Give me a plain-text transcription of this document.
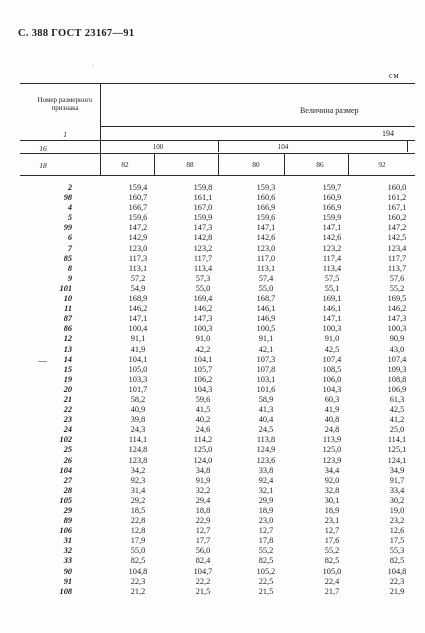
С. 388 ГОСТ 23167—91
·
см
Номер размерного признака	Величина размер
1	194
16	100	104
18	82	88	80	86	92
—
2	159,4	159,8	159,3	159,7	160,0
98	160,7	161,1	160,6	160,9	161,2
4	166,7	167,0	166,9	166,9	167,1
5	159,6	159,9	159,6	159,9	160,2
99	147,2	147,3	147,1	147,1	147,2
6	142,9	142,8	142,6	142,6	142,5
7	123,0	123,2	123,0	123,2	123,4
85	117,3	117,7	117,0	117,4	117,7
8	113,1	113,4	113,1	113,4	113,7
9	57,2	57,3	57,4	57,5	57,6
101	54,9	55,0	55,0	55,1	55,2
10	168,9	169,4	168,7	169,1	169,5
11	146,2	146,2	146,1	146,1	146,2
87	147,1	147,3	146,9	147,1	147,3
86	100,4	100,3	100,5	100,3	100,3
12	91,1	91,0	91,1	91,0	90,9
13	41,9	42,2	42,1	42,5	43,0
14	104,1	104,1	107,3	107,4	107,4
15	105,0	105,7	107,8	108,5	109,3
19	103,3	106,2	103,1	106,0	108,8
20	101,7	104,3	101,6	104,3	106,9
21	58,2	59,6	58,9	60,3	61,3
22	40,9	41,5	41,3	41,9	42,5
23	39,8	40,2	40,4	40,8	41,2
24	24,3	24,6	24,5	24,8	25,0
102	114,1	114,2	113,8	113,9	114,1
25	124,8	125,0	124,9	125,0	125,1
26	123,8	124,0	123,6	123,9	124,1
104	34,2	34,8	33,8	34,4	34,9
27	92,3	91,9	92,4	92,0	91,7
28	31,4	32,2	32,1	32,8	33,4
105	29,2	29,4	29,9	30,1	30,2
29	18,5	18,8	18,9	18,9	19,0
89	22,8	22,9	23,0	23,1	23,2
106	12,8	12,7	12,7	12,7	12,6
31	17,9	17,7	17,8	17,6	17,5
32	55,0	56,0	55,2	55,2	55,3
33	82,5	82,4	82,5	82,5	82,5
90	104,8	104,7	105,2	105,0	104,8
91	22,3	22,2	22,5	22,4	22,3
108	21,2	21,5	21,5	21,7	21,9
